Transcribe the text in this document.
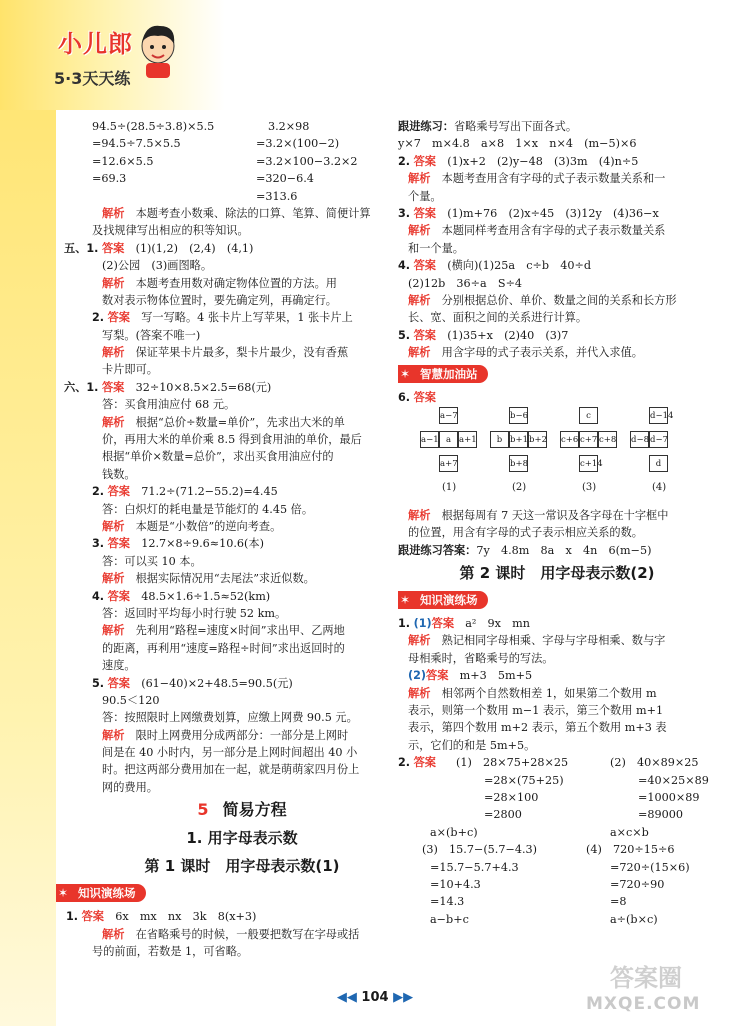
小儿郎
5·3天天练
94.5÷(28.5÷3.8)×5.5	3.2×98
=94.5÷7.5×5.5	=3.2×(100−2)
=12.6×5.5	=3.2×100−3.2×2
=69.3	=320−6.4
=313.6
解析　 本题考查小数乘、除法的口算、笔算、简便计算
及找规律写出相应的积等知识。
五、1. 答案　 (1)(1,2)　(2,4)　(4,1)
(2)公园　(3)画图略。
解析　 本题考查用数对确定物体位置的方法。用
数对表示物体位置时，要先确定列，再确定行。
2. 答案　 写一写略。4 张卡片上写苹果，1 张卡片上
写梨。(答案不唯一)
解析　 保证苹果卡片最多，梨卡片最少，没有香蕉
卡片即可。
六、1. 答案　 32÷10×8.5×2.5=68(元)
答：买食用油应付 68 元。
解析　 根据“总价÷数量=单价”，先求出大米的单
价，再用大米的单价乘 8.5 得到食用油的单价，最后
根据“单价×数量=总价”，求出买食用油应付的
钱数。
2. 答案　 71.2÷(71.2−55.2)=4.45
答：白炽灯的耗电量是节能灯的 4.45 倍。
解析　 本题是“小数倍”的逆向考查。
3. 答案　 12.7×8÷9.6≈10.6(本)
答：可以买 10 本。
解析　 根据实际情况用“去尾法”求近似数。
4. 答案　 48.5×1.6÷1.5≈52(km)
答：返回时平均每小时行驶 52 km。
解析　 先利用“路程=速度×时间”求出甲、乙两地
的距离，再利用“速度=路程÷时间”求出返回时的
速度。
5. 答案　 (61−40)×2+48.5=90.5(元)
90.5＜120
答：按照限时上网缴费划算，应缴上网费 90.5 元。
解析　 限时上网费用分成两部分：一部分是上网时
间是在 40 小时内，另一部分是上网时间超出 40 小
时。把这两部分费用加在一起，就是萌萌家四月份上
网的费用。
5 简易方程
1. 用字母表示数
第 1 课时　用字母表示数(1)
✶ 知识演练场
1. 答案　 6x　mx　nx　3k　8(x+3)
解析　 在省略乘号的时候，一般要把数写在字母或括
号的前面，若数是 1，可省略。
跟进练习：省略乘号写出下面各式。
y×7　m×4.8　a×8　1×x　n×4　(m−5)×6
2. 答案　 (1)x+2　(2)y−48　(3)3m　(4)n÷5
解析　 本题考查用含有字母的式子表示数量关系和一
个量。
3. 答案　 (1)m+76　(2)x÷45　(3)12y　(4)36−x
解析　 本题同样考查用含有字母的式子表示数量关系
和一个量。
4. 答案　 (横向)(1)25a　c÷b　40÷d
(2)12b　36÷a　S÷4
解析　 分别根据总价、单价、数量之间的关系和长方形
长、宽、面积之间的关系进行计算。
5. 答案　 (1)35+x　(2)40　(3)7
解析　 用含字母的式子表示关系，并代入求值。
✶ 智慧加油站
6. 答案
a−7
a−1 a a+1
a+7
(1)
b−6
b b+1 b+2
b+8
(2)
c
c+6 c+7 c+8
c+14
(3)
d−14
d−8 d−7
d
(4)
解析　 根据每周有 7 天这一常识及各字母在十字框中
的位置，用含有字母的式子表示相应关系的数。
跟进练习答案：7y　4.8m　8a　x　4n　6(m−5)
第 2 课时　用字母表示数(2)
✶ 知识演练场
1. (1)答案　 a²　9x　mn
解析　 熟记相同字母相乘、字母与字母相乘、数与字
母相乘时，省略乘号的写法。
(2)答案　 m+3　5m+5
解析　 相邻两个自然数相差 1，如果第二个数用 m
表示，则第一个数用 m−1 表示，第三个数用 m+1
表示，第四个数用 m+2 表示，第五个数用 m+3 表
示，它们的和是 5m+5。
2. 答案 (1)　28×75+28×25	(2)　40×89×25
=28×(75+25)	=40×25×89
=28×100	=1000×89
=2800	=89000
a×(b+c)	a×c×b
(3)　15.7−(5.7−4.3)	(4)　720÷15÷6
=15.7−5.7+4.3	=720÷(15×6)
=10+4.3	=720÷90
=14.3	=8
a−b+c	a÷(b×c)
◀◀ 104 ▶▶
答案圈
MXQE.COM
